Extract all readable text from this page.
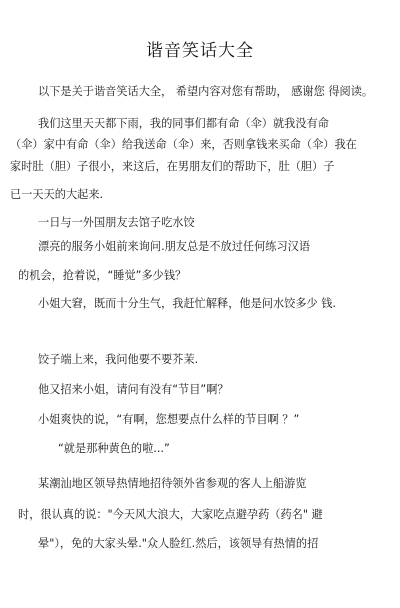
谐音笑话大全
以下是关于谐音笑话大全， 希望内容对您有帮助， 感谢您 得阅读。
我们这里天天都下雨，我的同事们都有命（伞）就我没有命
（伞）家中有命（伞）给我送命（伞）来，否则拿钱来买命（伞）我在
家时肚（胆）子很小，来这后，在男朋友们的帮助下，肚（胆）子
已一天天的大起来.
一日与一外国朋友去馆子吃水饺
漂亮的服务小姐前来询问.朋友总是不放过任何练习汉语
的机会，抢着说，“睡觉”多少钱？
小姐大窘，既而十分生气，我赶忙解释，他是问水饺多少 钱.
饺子端上来，我问他要不要芥茉.
他又招来小姐，请问有没有“节目”啊？
小姐爽快的说，“有啊，您想要点什么样的节目啊 ？”
“就是那种黄色的啦...”
某潮汕地区领导热情地招待领外省参观的客人上船游览
时，很认真的说："今天风大浪大，大家吃点避孕药（药名" 避
晕"），免的大家头晕."众人脸红.然后，该领导有热情的招
